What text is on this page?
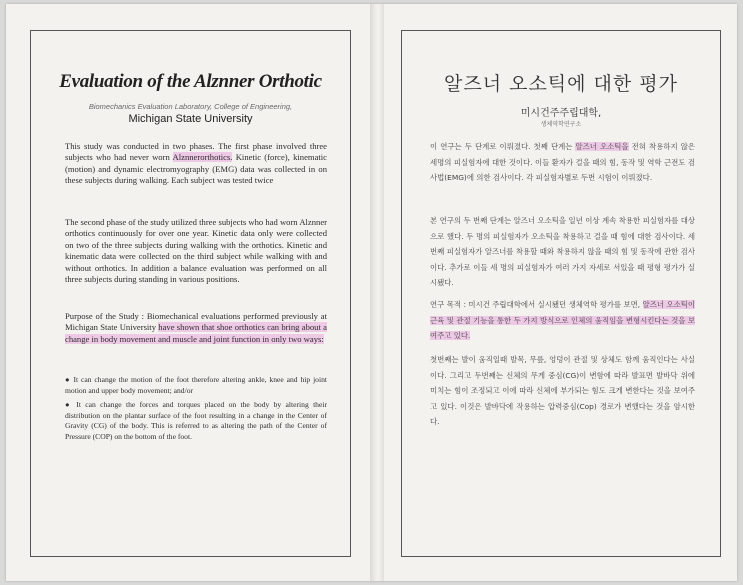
Evaluation of the Alznner Orthotic
Biomechanics Evaluation Laboratory, College of Engineering,
Michigan State University
This study was conducted in two phases. The first phase involved three subjects who had never worn Alznnerorthotics. Kinetic (force), kinematic (motion) and dynamic electromyography (EMG) data was collected in on these subjects during walking. Each subject was tested twice
The second phase of the study utilized three subjects who had worn Alznner orthotics continuously for over one year. Kinetic data only were collected on two of the three subjects during walking with the orthotics. Kinetic and kinematic data were collected on the third subject while walking with and without orthotics. In addition a balance evaluation was performed on all three subjects during standing in various positions.
Purpose of the Study : Biomechanical evaluations performed previously at Michigan State University have shown that shoe orthotics can bring about a change in body movement and muscle and joint function in only two ways:
● It can change the motion of the foot therefore altering ankle, knee and hip joint motion and upper body movement; and/or
● It can change the forces and torques placed on the body by altering their distribution on the plantar surface of the foot resulting in a change in the Center of Gravity (CG) of the body. This is referred to as altering the path of the Center of Pressure (COP) on the bottom of the foot.
알즈너 오소틱에 대한 평가
미시건주주립대학,
생체역학연구소
이 연구는 두 단계로 이뤄졌다. 첫째 단계는 알즈너 오소틱을 전혀 착용하지 않은 세명의 피실험자에 대한 것이다. 이들 환자가 걸을 때의 힘, 동작 및 역학 근전도 검사법(EMG)에 의한 검사이다. 각 피실험자별로 두번 시험이 이뤄졌다.
본 연구의 두 번째 단계는 알즈너 오소틱을 일년 이상 계속 착용한 피실험자를 대상으로 했다. 두 명의 피실험자가 오소틱을 착용하고 걸을 때 힘에 대한 검사이다. 세 번째 피실험자가 알즈너를 착용할 때와 착용하지 않을 때의 힘 및 동작에 관한 검사이다. 추가로 이들 세 명의 피실험자가 여러 가지 자세로 서있을 때 평형 평가가 실시됐다.
연구 목적 : 미시건 주립대학에서 실시됐던 생체역학 평가를 보면, 알즈너 오소틱이 근육 및 관절 기능을 통한 두 가지 방식으로 인체의 움직임을 변형시킨다는 것을 보여주고 있다.
첫번째는 발이 움직일때 발목, 무릎, 엉덩이 관절 및 상체도 함께 움직인다는 사실이다. 그리고 두번째는 신체의 무게 중심(CG)이 변함에 따라 발표면 발바닥 위에 미치는 힘이 조정되고 이에 따라 신체에 부가되는 힘도 크게 변한다는 것을 보여주고 있다. 이것은 발바닥에 작용하는 압력중심(Cop) 경로가 변했다는 것을 암시한다.
